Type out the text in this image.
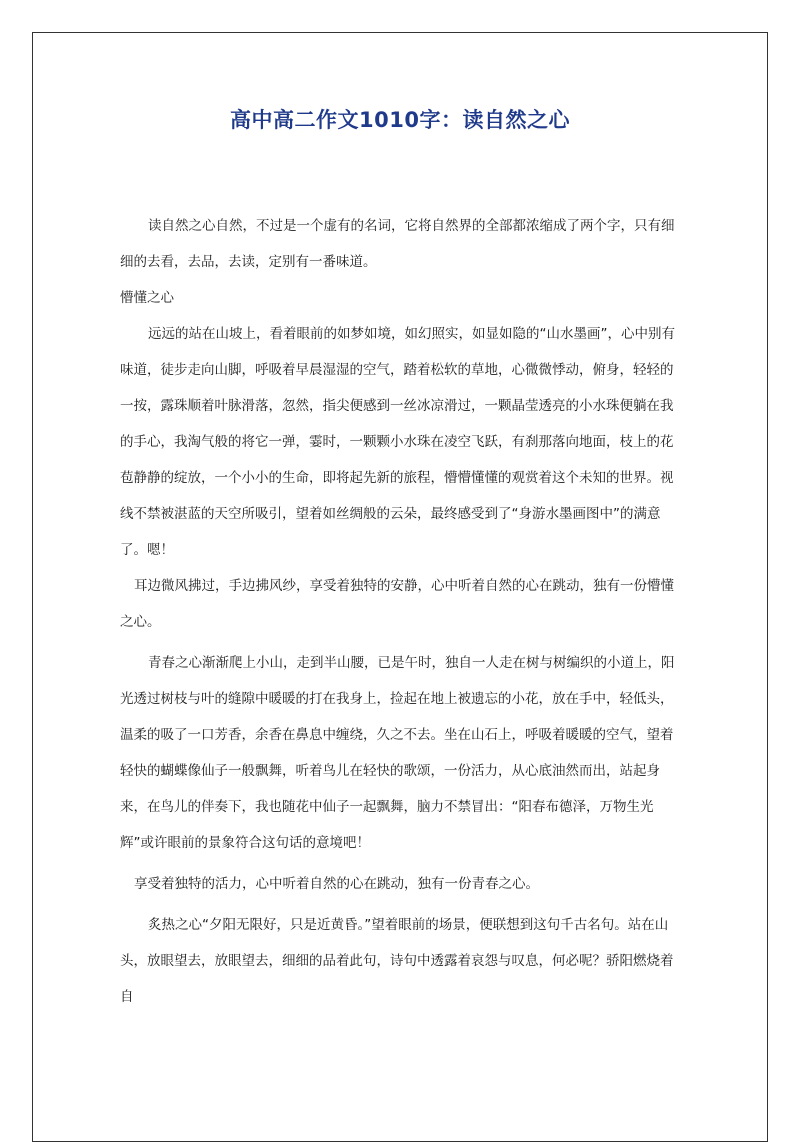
高中高二作文1010字：读自然之心

读自然之心自然，不过是一个虚有的名词，它将自然界的全部都浓缩成了两个字，只有细细的去看，去品，去读，定别有一番味道。

懵懂之心

远远的站在山坡上，看着眼前的如梦如境，如幻照实，如显如隐的“山水墨画”，心中别有味道，徒步走向山脚，呼吸着早晨湿湿的空气，踏着松软的草地，心微微悸动，俯身，轻轻的一按，露珠顺着叶脉滑落，忽然，指尖便感到一丝冰凉滑过，一颗晶莹透亮的小水珠便躺在我的手心，我淘气般的将它一弹，霎时，一颗颗小水珠在凌空飞跃，有刹那落向地面，枝上的花苞静静的绽放，一个小小的生命，即将起先新的旅程，懵懵懂懂的观赏着这个未知的世界。视线不禁被湛蓝的天空所吸引，望着如丝绸般的云朵，最终感受到了“身游水墨画图中”的满意了。嗯！

耳边微风拂过，手边拂风纱，享受着独特的安静，心中听着自然的心在跳动，独有一份懵懂之心。

青春之心渐渐爬上小山，走到半山腰，已是午时，独自一人走在树与树编织的小道上，阳光透过树枝与叶的缝隙中暖暖的打在我身上，捡起在地上被遗忘的小花，放在手中，轻低头，温柔的吸了一口芳香，余香在鼻息中缠绕，久之不去。坐在山石上，呼吸着暖暖的空气，望着轻快的蝴蝶像仙子一般飘舞，听着鸟儿在轻快的歌颂，一份活力，从心底油然而出，站起身来，在鸟儿的伴奏下，我也随花中仙子一起飘舞，脑力不禁冒出：“阳春布德泽，万物生光辉”或许眼前的景象符合这句话的意境吧！

享受着独特的活力，心中听着自然的心在跳动，独有一份青春之心。

炙热之心“夕阳无限好，只是近黄昏。”望着眼前的场景，便联想到这句千古名句。站在山头，放眼望去，放眼望去，细细的品着此句，诗句中透露着哀怨与叹息，何必呢？骄阳燃烧着自
